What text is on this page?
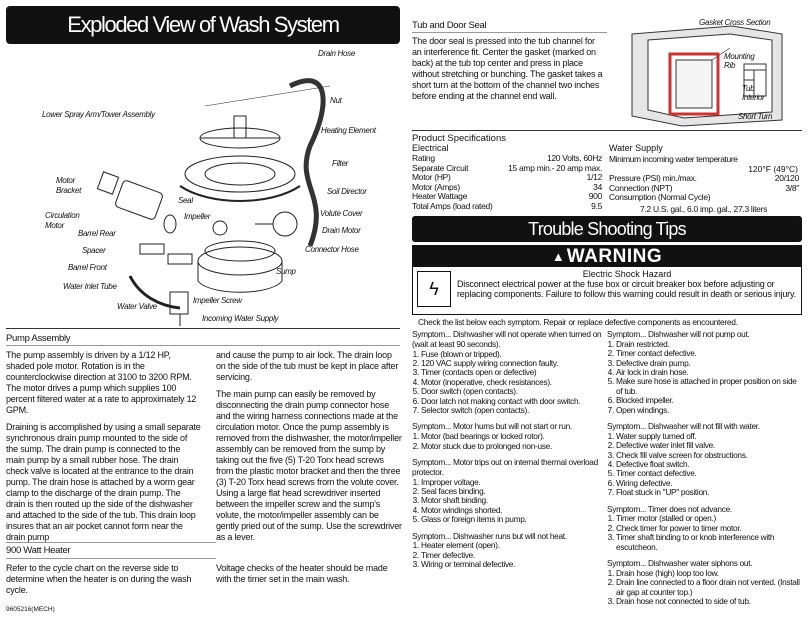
Exploded View of Wash System
Drain Hose
Nut
Lower Spray Arm/Tower Assembly
Heating Element
Filter
Motor Bracket
Seal
Soil Director
Volute Cover
Circulation Motor
Impeller
Drain Motor
Barrel Rear
Connector Hose
Spacer
Sump
Barrel Front
Water Inlet Tube
Impeller Screw
Water Valve
Incoming Water Supply
Pump Assembly

The pump assembly is driven by a 1/12 HP, shaded pole motor. Rotation is in the counterclockwise direction at 3100 to 3200 RPM. The motor drives a pump which supplies 100 percent filtered water at a rate to approximately 12 GPM.

Draining is accomplished by using a small separate synchronous drain pump mounted to the side of the sump. The drain pump is connected to the main pump by a small rubber hose. The drain check valve is located at the entrance to the drain pump. The drain hose is attached by a worm gear clamp to the discharge of the drain pump. The drain is then routed up the side of the dishwasher and attached to the side of the tub. This drain loop insures that an air pocket cannot form near the drain pump

and cause the pump to air lock. The drain loop on the side of the tub must be kept in place after servicing.

The main pump can easily be removed by disconnecting the drain pump connector hose and the wiring harness connections made at the circulation motor. Once the pump assembly is removed from the dishwasher, the motor/impeller assembly can be removed from the sump by taking out the five (5) T-20 Torx head screws from the plastic motor bracket and then the three (3) T-20 Torx head screws from the volute cover. Using a large flat head screwdriver inserted between the impeller screw and the sump's volute, the motor/impeller assembly can be gently pried out of the sump. Use the screwdriver as a lever.

900 Watt Heater
Refer to the cycle chart on the reverse side to determine when the heater is on during the wash cycle.
Voltage checks of the heater should be made with the timer set in the main wash.
9605216(MECH)
Tub and Door Seal
The door seal is pressed into the tub channel for an interference fit. Center the gasket (marked on back) at the tub top center and press in place without stretching or bunching. The gasket takes a short turn at the bottom of the channel two inches before ending at the channel end wall.
Gasket Cross Section
Mounting Rib
Tub Interior
Short Turn
Product Specifications
Electrical
Rating	120 Volts, 60Hz
Separate Circuit	15 amp min.- 20 amp max.
Motor (HP)	1/12
Motor (Amps)	34
Heater Wattage	900
Total Amps (load rated)	9.5
Water Supply
Minimum incoming water temperature
120°F (49°C)
Pressure (PSI) min./max.	20/120
Connection (NPT)	3/8"
Consumption (Normal Cycle)	
7.2 U.S. gal., 6.0 imp. gal., 27.3 liters
Trouble Shooting Tips
▲ WARNING
ϟ
Electric Shock Hazard
Disconnect electrical power at the fuse box or circuit breaker box before adjusting or replacing components. Failure to follow this warning could result in death or serious injury.
Check the list below each symptom. Repair or replace defective components as encountered.
Symptom... Dishwasher will not operate when turned on (wait at least 90 seconds).
1. Fuse (blown or tripped).
2. 120 VAC supply wiring connection faulty.
3. Timer (contacts open or defective)
4. Motor (inoperative, check resistances).
5. Door switch (open contacts).
6. Door latch not making contact with door switch.
7. Selector switch (open contacts).
Symptom... Motor hums but will not start or run.
1. Motor (bad bearings or locked rotor).
2. Motor stuck due to prolonged non-use.
Symptom... Motor trips out on internal thermal overload protector.
1. Improper voltage.
2. Seal faces binding.
3. Motor shaft binding.
4. Motor windings shorted.
5. Glass or foreign items in pump.
Symptom... Dishwasher runs but will not heat.
1. Heater element (open).
2. Timer defective.
3. Wiring or terminal defective.
Symptom... Dishwasher will not pump out.
1. Drain restricted.
2. Timer contact defective.
3. Defective drain pump.
4. Air lock in drain hose.
5. Make sure hose is attached in proper position on side of tub.
6. Blocked impeller.
7. Open windings.
Symptom... Dishwasher will not fill with water.
1. Water supply turned off.
2. Defective water inlet fill valve.
3. Check fill valve screen for obstructions.
4. Defective float switch.
5. Timer contact defective.
6. Wiring defective.
7. Float stuck in "UP" position.
Symptom... Timer does not advance.
1. Timer motor (stalled or open.)
2. Check timer for power to timer motor.
3. Timer shaft binding to or knob interference with escutcheon.
Symptom... Dishwasher water siphons out.
1. Drain hose (high) loop too low.
2. Drain line connected to a floor drain not vented. (Install air gap at counter top.)
3. Drain hose not connected to side of tub.
